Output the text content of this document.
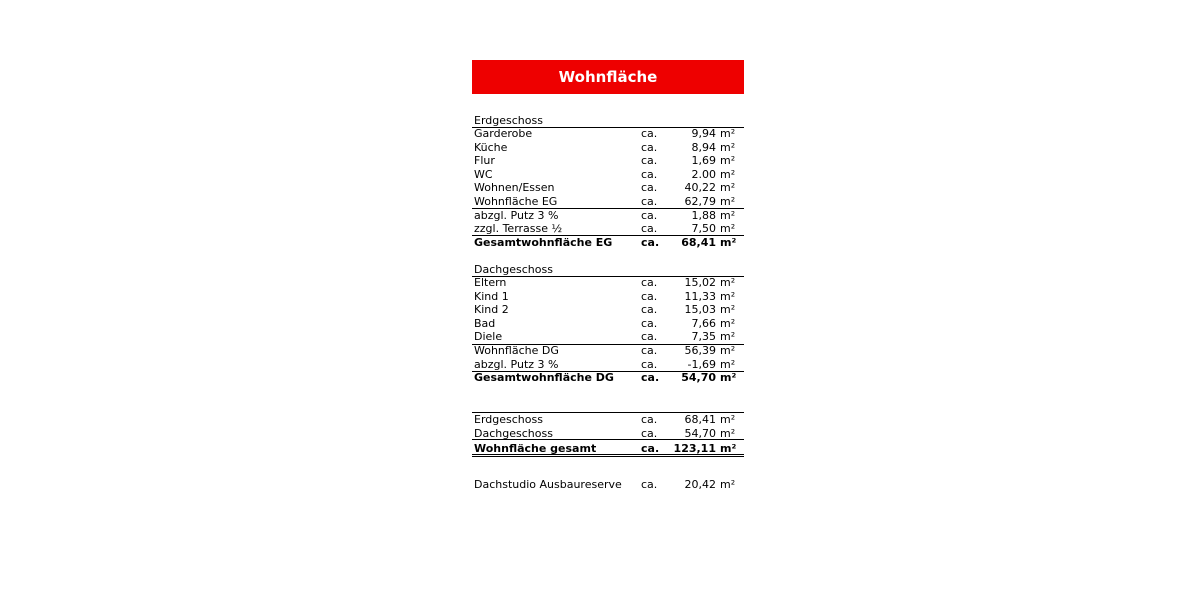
Wohnfläche
Erdgeschoss
Garderobe	ca.	9,94 m²
Küche	ca.	8,94 m²
Flur	ca.	1,69 m²
WC	ca.	2.00 m²
Wohnen/Essen	ca. 40,22 m²
Wohnfläche EG	ca. 62,79 m²
abzgl. Putz 3 %	ca.	1,88 m²
zzgl. Terrasse ½	ca.	7,50 m²
Gesamtwohnfläche EG	ca. 68,41 m²
Dachgeschoss
Eltern	ca. 15,02 m²
Kind 1	ca. 11,33 m²
Kind 2	ca. 15,03 m²
Bad	ca.	7,66 m²
Diele	ca.	7,35 m²
Wohnfläche DG	ca. 56,39 m²
abzgl. Putz 3 %	ca.	-1,69 m²
Gesamtwohnfläche DG ca. 54,70 m²
Erdgeschoss	ca. 68,41 m²
Dachgeschoss	ca. 54,70 m²
Wohnfläche gesamt	ca. 123,11 m²
Dachstudio Ausbaureserve ca. 20,42 m²
